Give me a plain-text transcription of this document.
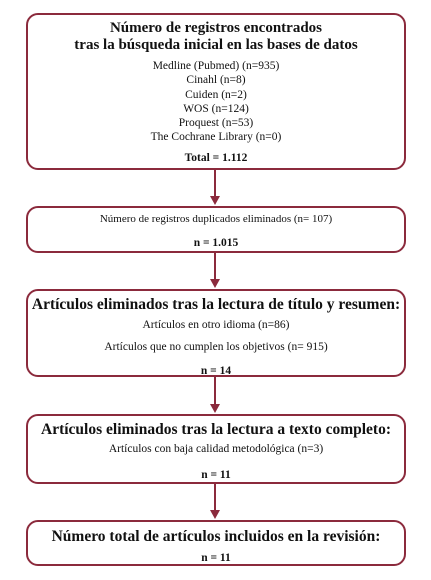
Número de registros encontrados
tras la búsqueda inicial en las bases de datos
Medline (Pubmed) (n=935)
Cinahl (n=8)
Cuiden (n=2)
WOS (n=124)
Proquest (n=53)
The Cochrane Library (n=0)
Total = 1.112
Número de registros duplicados eliminados (n= 107)
n = 1.015
Artículos eliminados tras la lectura de título y resumen:
Artículos en otro idioma (n=86)
Artículos que no cumplen los objetivos (n= 915)
n = 14
Artículos eliminados tras la lectura a texto completo:
Artículos con baja calidad metodológica (n=3)
n = 11
Número total de artículos incluidos en la revisión:
n = 11
